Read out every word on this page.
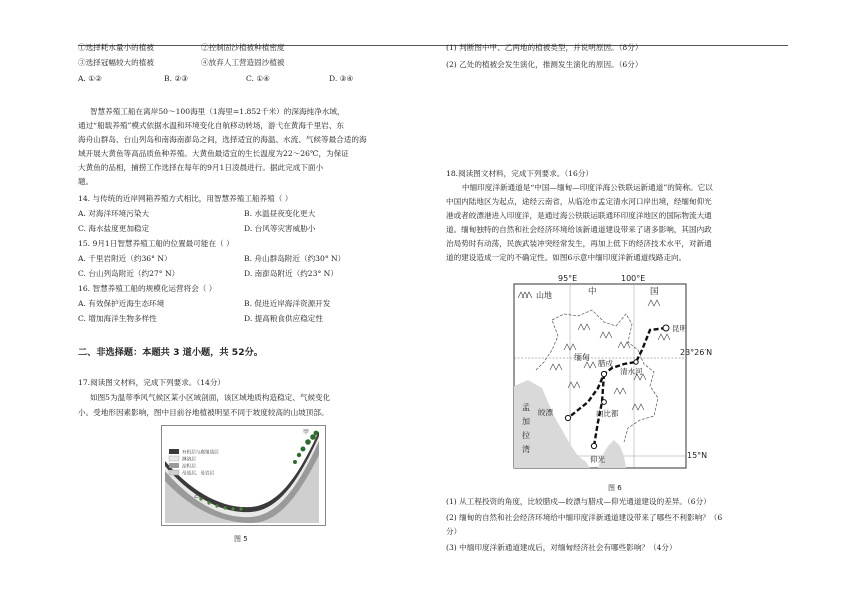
①选择耗水量小的植被	②控制固沙植被种植密度
③选择冠幅较大的植被	④放弃人工营造固沙植被
A. ①②	B. ②③	C. ①④	D. ③④
智慧养殖工船在离岸50～100海里（1海里=1.852千米）的深海纯净水域，
通过“船载养殖”模式依据水温和环境变化自航移动转场，游弋在黄海千里岩、东
海舟山群岛、台山列岛和南海南澎岛之间，选择适宜的海温、水流、气候等最合适的海
域开展大黄鱼等高品质鱼种养殖。大黄鱼最适宜的生长温度为22～26℃，为保证
大黄鱼的品相，捕捞工作选择在每年的9月1日凌晨进行。据此完成下面小
题。
14. 与传统的近岸网箱养殖方式相比，用智慧养殖工船养殖（ ）
A. 对海洋环境污染大	B. 水温昼夜变化更大
C. 海水盐度更加稳定	D. 台风等灾害威胁小
15. 9月1日智慧养殖工船的位置最可能在（ ）
A. 千里岩附近（约36° N）	B. 舟山群岛附近（约30° N）
C. 台山列岛附近（约27° N）	D. 南澎岛附近（约23° N）
16. 智慧养殖工船的规模化运营将会（ ）
A. 有效保护近海生态环境	B. 促进近岸海洋资源开发
C. 增加海洋生物多样性	D. 提高粮食供应稳定性
二、非选择题：本题共 3 道小题，共 52分。
17.阅读图文材料，完成下列要求。（14分）
如图5为温带季风气候区某小区域剖面，该区域地质构造稳定、气候变化
小。受地形因素影响，图中目前谷地植被明显不同于坡度较高的山坡顶部。
甲
乙
有机层与腐殖质层
淋溶层
淀积层
母质层、母岩层
图 5
(1) 判断图中甲、乙两地的植被类型，并说明原因。（8分）
(2) 乙处的植被会发生演化，推测发生演化的原因。（6分）
18.阅读图文材料，完成下列要求。（16分）
中缅印度洋新通道是“中国—缅甸—印度洋海公铁联运新通道”的简称。它以
中国内陆地区为起点，途经云南省，从临沧市孟定清水河口岸出境，经缅甸仰光
港或者皎漂港进入印度洋，是通过海公铁联运联通环印度洋地区的国际物流大通
道。缅甸独特的自然和社会经济环境给该新通道建设带来了诸多影响，其国内政
治局势时有动荡，民族武装冲突经常发生，再加上低下的经济技术水平，对新通
道的建设造成一定的不确定性。如图6示意中缅印度洋新通道线路走向。
95°E	100°E
山地	中	国
缅甸
孟
加
拉
湾
昆明
腊戍
清水河
内比都
皎漂
仰光
23°26′N
15°N
图 6
(1) 从工程投资的角度，比较腊戍—皎漂与腊戍—仰光通道建设的差异。（6分）
(2) 缅甸的自然和社会经济环境给中缅印度洋新通道建设带来了哪些不利影响？（6
分）
(3) 中缅印度洋新通道建成后，对缅甸经济社会有哪些影响？（4分）
